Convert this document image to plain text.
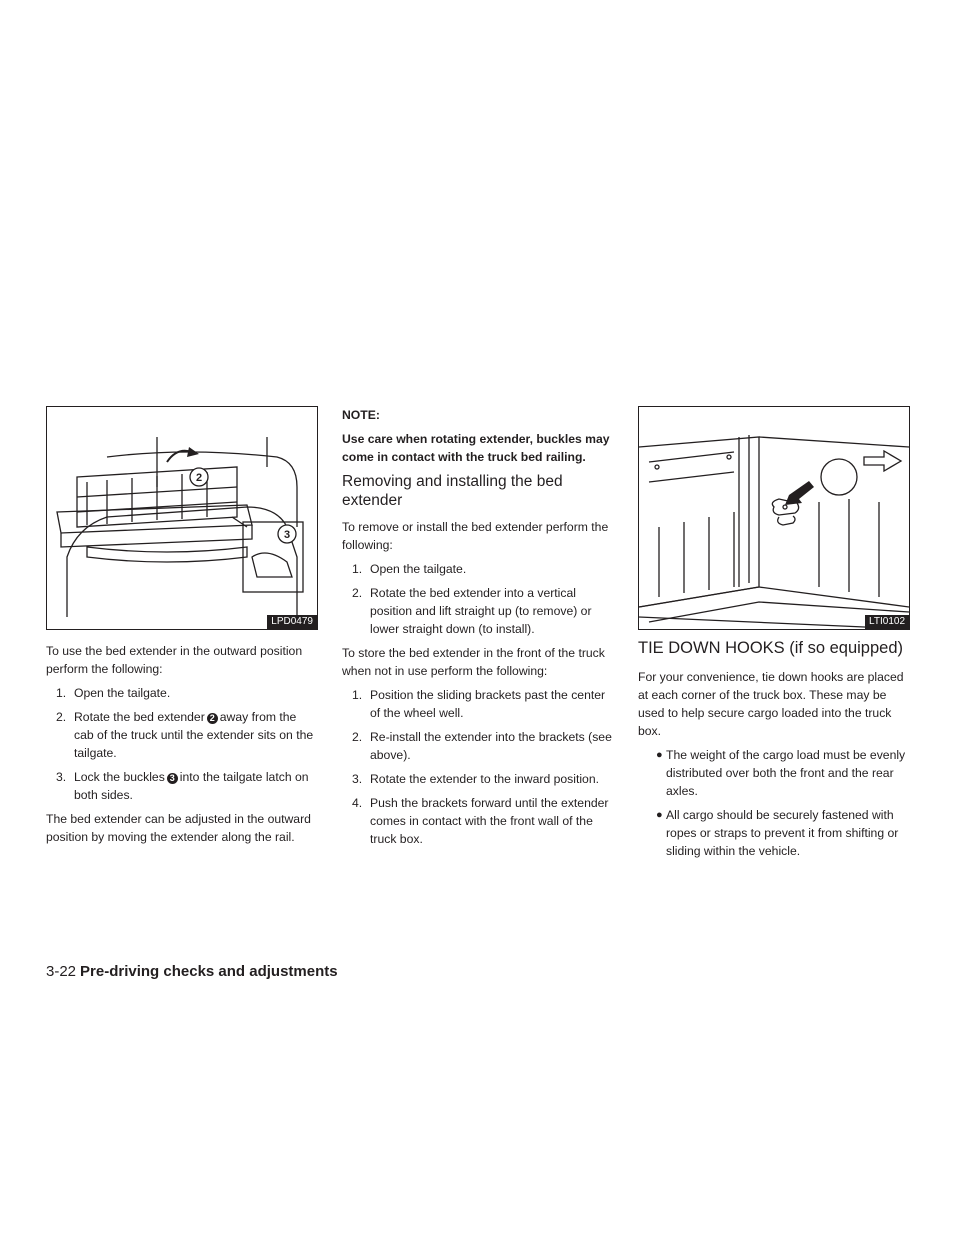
2
3
LPD0479

To use the bed extender in the outward position perform the following:

1. Open the tailgate.
2. Rotate the bed extender 2 away from the cab of the truck until the extender sits on the tailgate.
3. Lock the buckles 3 into the tailgate latch on both sides.

The bed extender can be adjusted in the outward position by moving the extender along the rail.

NOTE:

Use care when rotating extender, buckles may come in contact with the truck bed railing.

Removing and installing the bed extender

To remove or install the bed extender perform the following:

1. Open the tailgate.
2. Rotate the bed extender into a vertical position and lift straight up (to remove) or lower straight down (to install).

To store the bed extender in the front of the truck when not in use perform the following:

1. Position the sliding brackets past the center of the wheel well.
2. Re-install the extender into the brackets (see above).
3. Rotate the extender to the inward position.
4. Push the brackets forward until the extender comes in contact with the front wall of the truck box.
LTI0102
TIE DOWN HOOKS (if so equipped)

For your convenience, tie down hooks are placed at each corner of the truck box. These may be used to help secure cargo loaded into the truck box.

● The weight of the cargo load must be evenly distributed over both the front and the rear axles.
● All cargo should be securely fastened with ropes or straps to prevent it from shifting or sliding within the vehicle.
3-22 Pre-driving checks and adjustments
